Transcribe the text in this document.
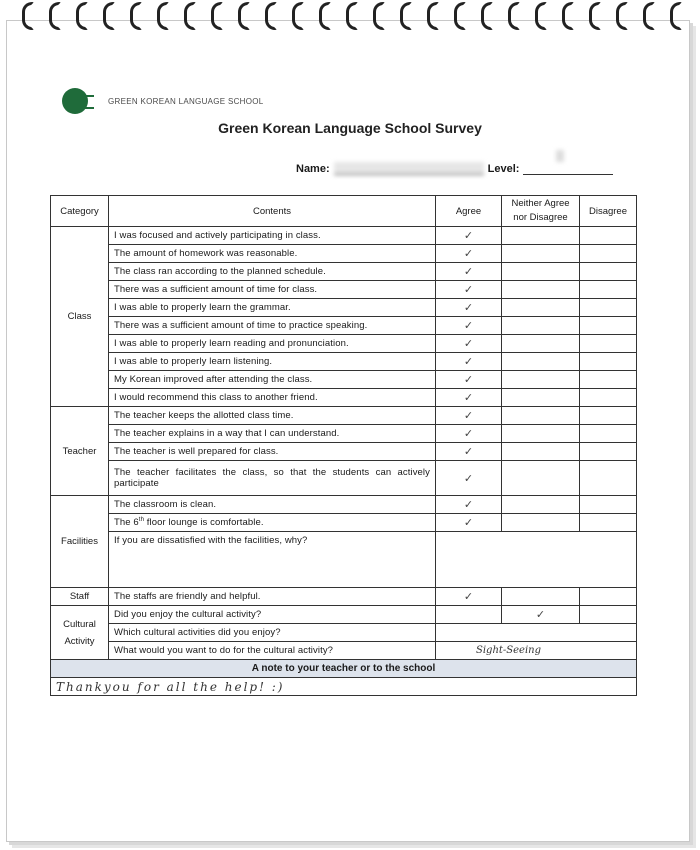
GREEN KOREAN LANGUAGE SCHOOL
Green Korean Language School Survey
Name:	Level:
Category	Contents	Agree	Neither Agree nor Disagree	Disagree
Class	I was focused and actively participating in class.	✓		
	The amount of homework was reasonable.	✓		
	The class ran according to the planned schedule.	✓		
	There was a sufficient amount of time for class.	✓		
	I was able to properly learn the grammar.	✓		
	There was a sufficient amount of time to practice speaking.	✓		
	I was able to properly learn reading and pronunciation.	✓		
	I was able to properly learn listening.	✓		
	My Korean improved after attending the class.	✓		
	I would recommend this class to another friend.	✓		
Teacher	The teacher keeps the allotted class time.	✓		
	The teacher explains in a way that I can understand.	✓		
	The teacher is well prepared for class.	✓		
	The teacher facilitates the class, so that the students can actively participate	✓		
Facilities	The classroom is clean.	✓		
	The 6th floor lounge is comfortable.	✓		
	If you are dissatisfied with the facilities, why?			
Staff	The staffs are friendly and helpful.	✓		
Cultural Activity	Did you enjoy the cultural activity?		✓	
	Which cultural activities did you enjoy?			
	What would you want to do for the cultural activity?	Sight-Seeing		
A note to your teacher or to the school				
Thankyou for all the help! :)				
